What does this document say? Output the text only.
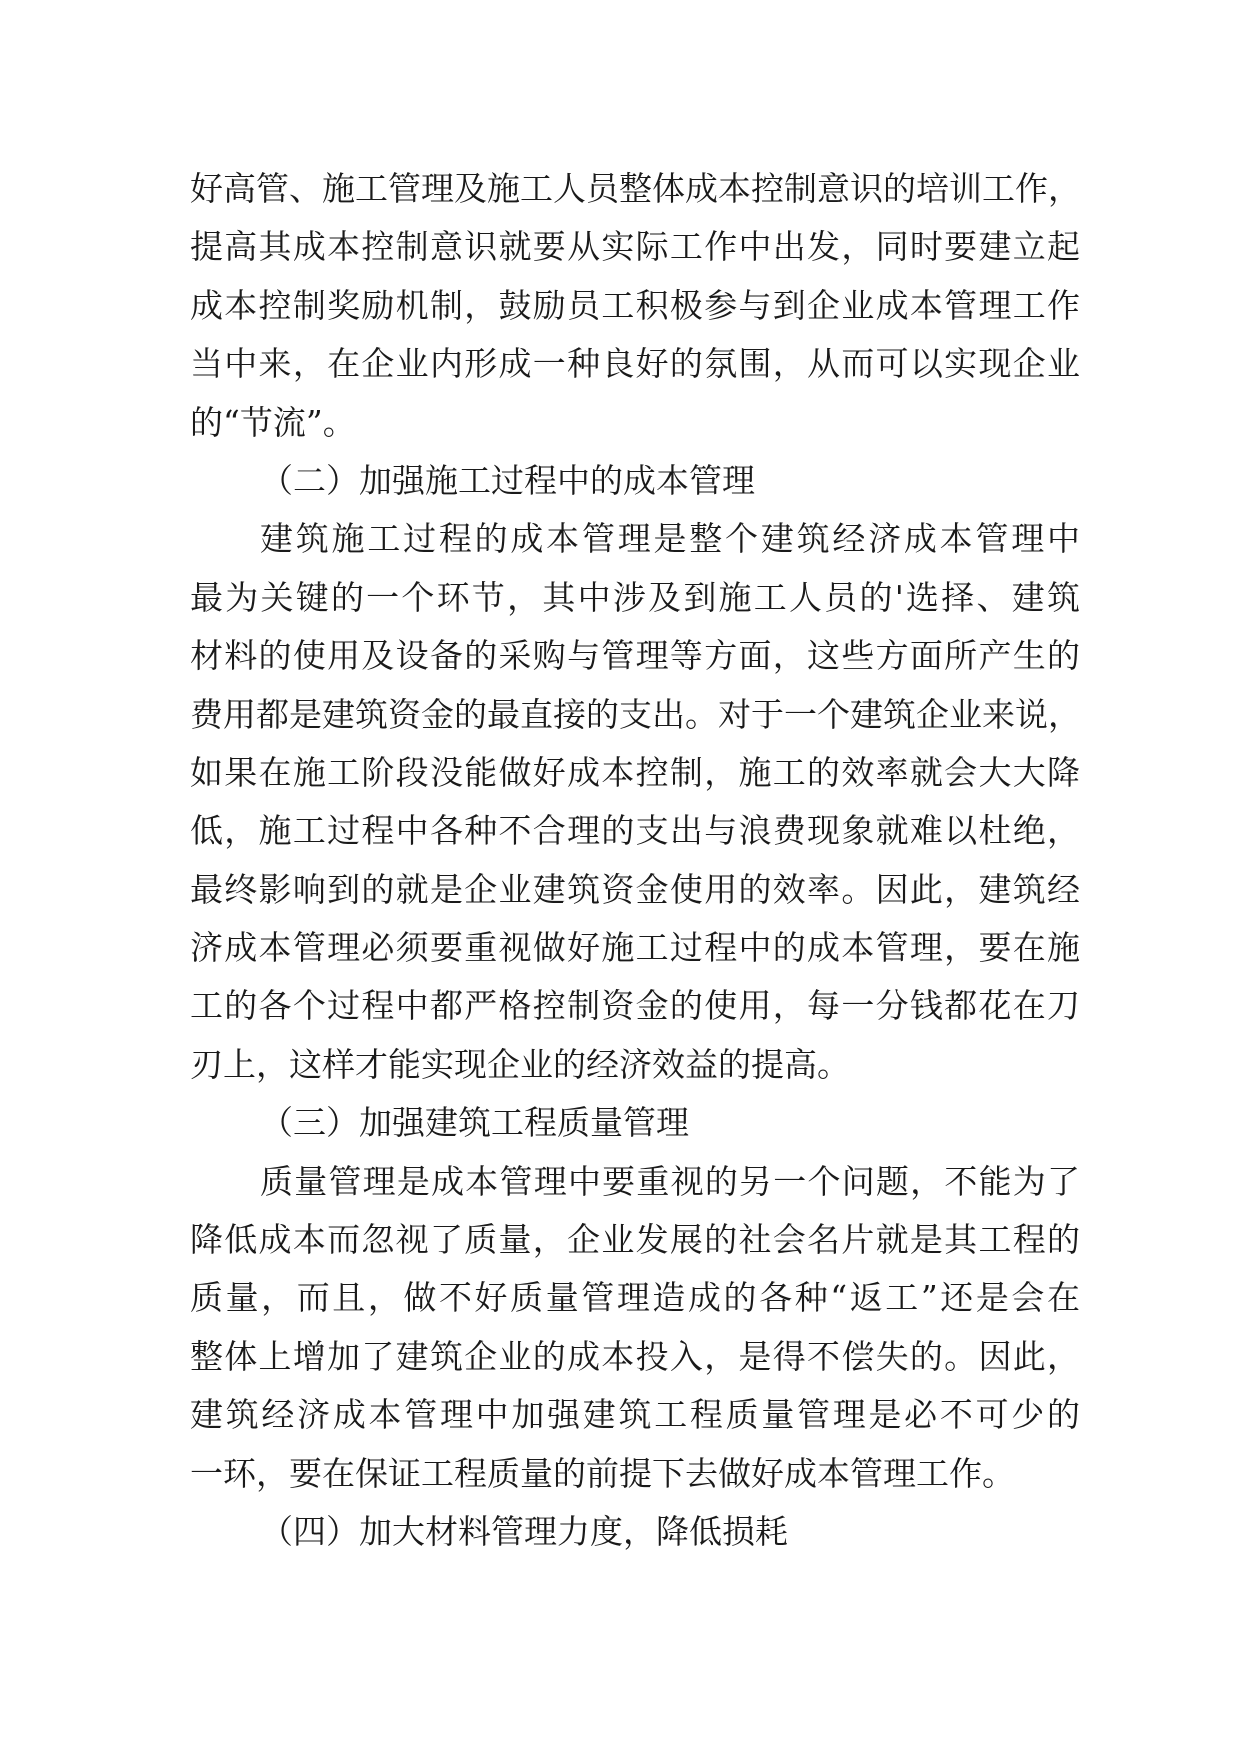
好高管、施工管理及施工人员整体成本控制意识的培训工作，
提高其成本控制意识就要从实际工作中出发，同时要建立起
成本控制奖励机制，鼓励员工积极参与到企业成本管理工作
当中来，在企业内形成一种良好的氛围，从而可以实现企业
的“节流”。
（二）加强施工过程中的成本管理
建筑施工过程的成本管理是整个建筑经济成本管理中
最为关键的一个环节，其中涉及到施工人员的'选择、建筑
材料的使用及设备的采购与管理等方面，这些方面所产生的
费用都是建筑资金的最直接的支出。对于一个建筑企业来说，
如果在施工阶段没能做好成本控制，施工的效率就会大大降
低，施工过程中各种不合理的支出与浪费现象就难以杜绝，
最终影响到的就是企业建筑资金使用的效率。因此，建筑经
济成本管理必须要重视做好施工过程中的成本管理，要在施
工的各个过程中都严格控制资金的使用，每一分钱都花在刀
刃上，这样才能实现企业的经济效益的提高。
（三）加强建筑工程质量管理
质量管理是成本管理中要重视的另一个问题，不能为了
降低成本而忽视了质量，企业发展的社会名片就是其工程的
质量，而且，做不好质量管理造成的各种“返工”还是会在
整体上增加了建筑企业的成本投入，是得不偿失的。因此，
建筑经济成本管理中加强建筑工程质量管理是必不可少的
一环，要在保证工程质量的前提下去做好成本管理工作。
（四）加大材料管理力度，降低损耗
